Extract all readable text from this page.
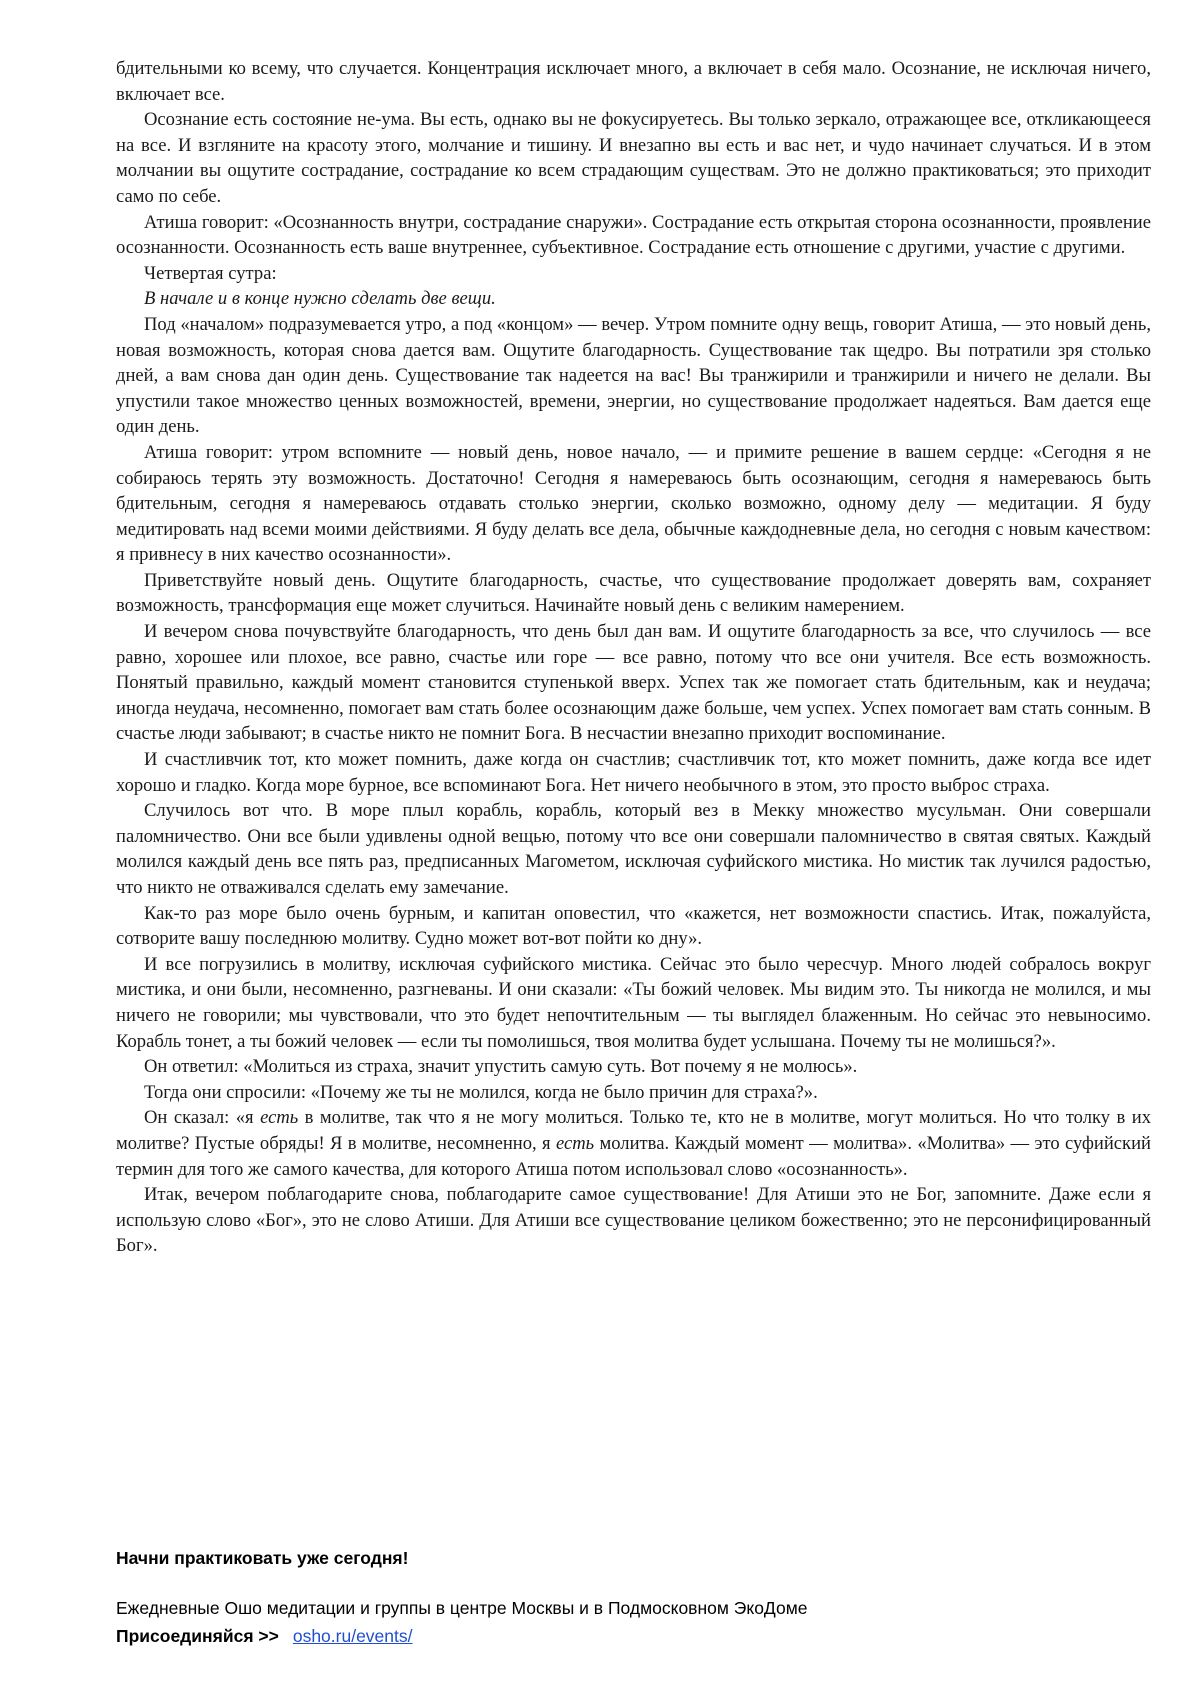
бдительными ко всему, что случается. Концентрация исключает много, а включает в себя мало. Осознание, не исключая ничего, включает все.

Осознание есть состояние не-ума. Вы есть, однако вы не фокусируетесь. Вы только зеркало, отражающее все, откликающееся на все. И взгляните на красоту этого, молчание и тишину. И внезапно вы есть и вас нет, и чудо начинает случаться. И в этом молчании вы ощутите сострадание, сострадание ко всем страдающим существам. Это не должно практиковаться; это приходит само по себе.

Атиша говорит: «Осознанность внутри, сострадание снаружи». Сострадание есть открытая сторона осознанности, проявление осознанности. Осознанность есть ваше внутреннее, субъективное. Сострадание есть отношение с другими, участие с другими.

Четвертая сутра:

В начале и в конце нужно сделать две вещи.

Под «началом» подразумевается утро, а под «концом» — вечер. Утром помните одну вещь, говорит Атиша, — это новый день, новая возможность, которая снова дается вам. Ощутите благодарность. Существование так щедро. Вы потратили зря столько дней, а вам снова дан один день. Существование так надеется на вас! Вы транжирили и транжирили и ничего не делали. Вы упустили такое множество ценных возможностей, времени, энергии, но существование продолжает надеяться. Вам дается еще один день.

Атиша говорит: утром вспомните — новый день, новое начало, — и примите решение в вашем сердце: «Сегодня я не собираюсь терять эту возможность. Достаточно! Сегодня я намереваюсь быть осознающим, сегодня я намереваюсь быть бдительным, сегодня я намереваюсь отдавать столько энергии, сколько возможно, одному делу — медитации. Я буду медитировать над всеми моими действиями. Я буду делать все дела, обычные каждодневные дела, но сегодня с новым качеством: я привнесу в них качество осознанности».

Приветствуйте новый день. Ощутите благодарность, счастье, что существование продолжает доверять вам, сохраняет возможность, трансформация еще может случиться. Начинайте новый день с великим намерением.

И вечером снова почувствуйте благодарность, что день был дан вам. И ощутите благодарность за все, что случилось — все равно, хорошее или плохое, все равно, счастье или горе — все равно, потому что все они учителя. Все есть возможность. Понятый правильно, каждый момент становится ступенькой вверх. Успех так же помогает стать бдительным, как и неудача; иногда неудача, несомненно, помогает вам стать более осознающим даже больше, чем успех. Успех помогает вам стать сонным. В счастье люди забывают; в счастье никто не помнит Бога. В несчастии внезапно приходит воспоминание.

И счастливчик тот, кто может помнить, даже когда он счастлив; счастливчик тот, кто может помнить, даже когда все идет хорошо и гладко. Когда море бурное, все вспоминают Бога. Нет ничего необычного в этом, это просто выброс страха.

Случилось вот что. В море плыл корабль, корабль, который вез в Мекку множество мусульман. Они совершали паломничество. Они все были удивлены одной вещью, потому что все они совершали паломничество в святая святых. Каждый молился каждый день все пять раз, предписанных Магометом, исключая суфийского мистика. Но мистик так лучился радостью, что никто не отваживался сделать ему замечание.

Как-то раз море было очень бурным, и капитан оповестил, что «кажется, нет возможности спастись. Итак, пожалуйста, сотворите вашу последнюю молитву. Судно может вот-вот пойти ко дну».

И все погрузились в молитву, исключая суфийского мистика. Сейчас это было чересчур. Много людей собралось вокруг мистика, и они были, несомненно, разгневаны. И они сказали: «Ты божий человек. Мы видим это. Ты никогда не молился, и мы ничего не говорили; мы чувствовали, что это будет непочтительным — ты выглядел блаженным. Но сейчас это невыносимо. Корабль тонет, а ты божий человек — если ты помолишься, твоя молитва будет услышана. Почему ты не молишься?».

Он ответил: «Молиться из страха, значит упустить самую суть. Вот почему я не молюсь».

Тогда они спросили: «Почему же ты не молился, когда не было причин для страха?».

Он сказал: «я есть в молитве, так что я не могу молиться. Только те, кто не в молитве, могут молиться. Но что толку в их молитве? Пустые обряды! Я в молитве, несомненно, я есть молитва. Каждый момент — молитва». «Молитва» — это суфийский термин для того же самого качества, для которого Атиша потом использовал слово «осознанность».

Итак, вечером поблагодарите снова, поблагодарите самое существование! Для Атиши это не Бог, запомните. Даже если я использую слово «Бог», это не слово Атиши. Для Атиши все существование целиком божественно; это не персонифицированный Бог».

Начни практиковать уже сегодня!

Ежедневные Ошо медитации и группы в центре Москвы и в Подмосковном ЭкоДоме

Присоединяйся >> osho.ru/events/
